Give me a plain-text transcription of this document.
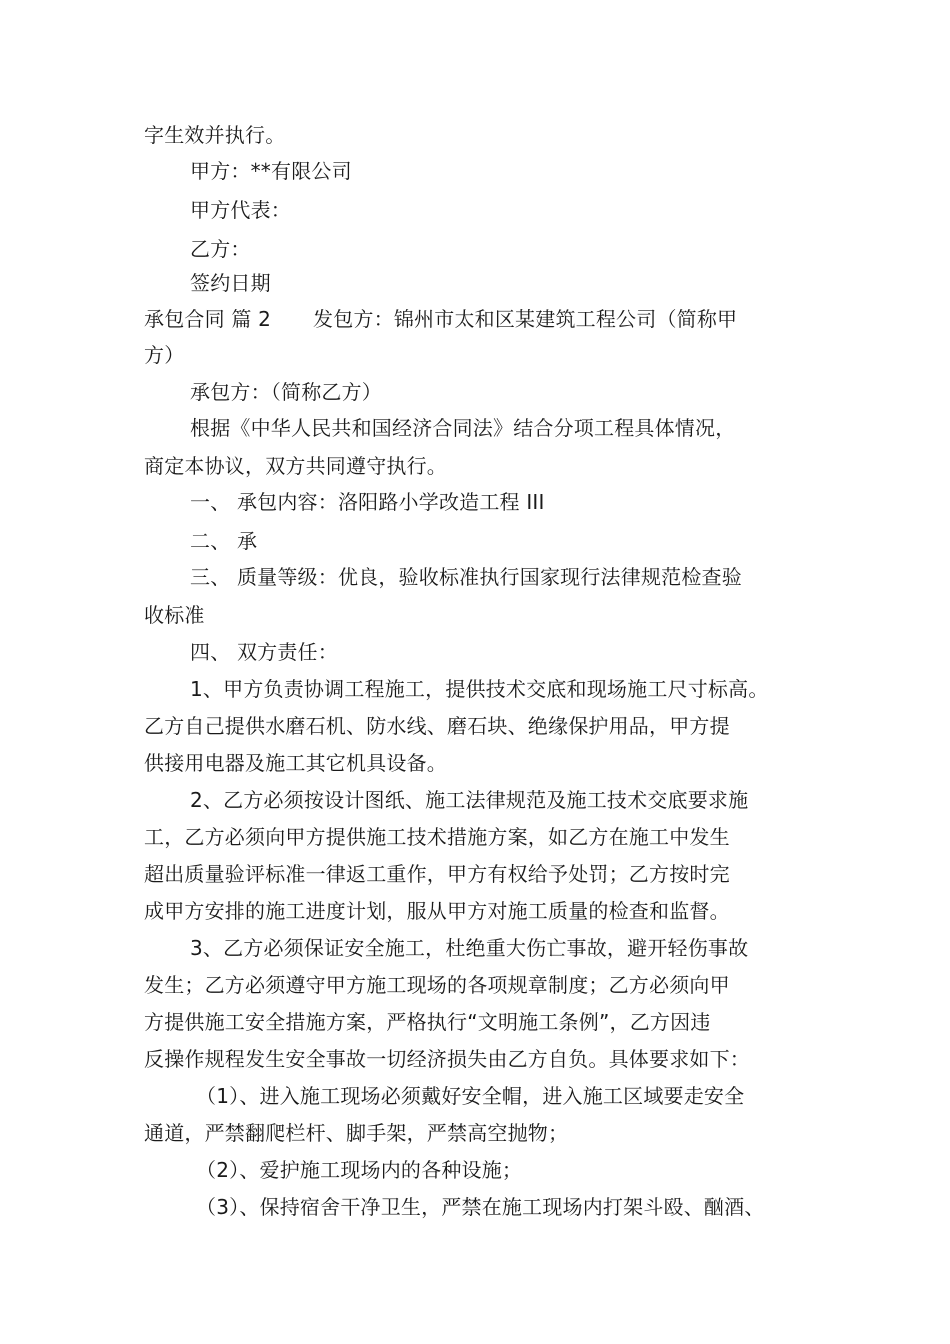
字生效并执行。
甲方：**有限公司
甲方代表：
乙方：
签约日期
承包合同 篇 2 发包方：锦州市太和区某建筑工程公司（简称甲
方）
承包方：（简称乙方）
根据《中华人民共和国经济合同法》结合分项工程具体情况，
商定本协议，双方共同遵守执行。
一、 承包内容：洛阳路小学改造工程 III
二、 承
三、 质量等级：优良，验收标准执行国家现行法律规范检查验
收标准
四、 双方责任：
1、甲方负责协调工程施工，提供技术交底和现场施工尺寸标高。
乙方自己提供水磨石机、防水线、磨石块、绝缘保护用品，甲方提
供接用电器及施工其它机具设备。
2、乙方必须按设计图纸、施工法律规范及施工技术交底要求施
工，乙方必须向甲方提供施工技术措施方案，如乙方在施工中发生
超出质量验评标准一律返工重作，甲方有权给予处罚；乙方按时完
成甲方安排的施工进度计划，服从甲方对施工质量的检查和监督。
3、乙方必须保证安全施工，杜绝重大伤亡事故，避开轻伤事故
发生；乙方必须遵守甲方施工现场的各项规章制度；乙方必须向甲
方提供施工安全措施方案，严格执行“文明施工条例”，乙方因违
反操作规程发生安全事故一切经济损失由乙方自负。具体要求如下：
（1）、进入施工现场必须戴好安全帽，进入施工区域要走安全
通道，严禁翻爬栏杆、脚手架，严禁高空抛物；
（2）、爱护施工现场内的各种设施；
（3）、保持宿舍干净卫生，严禁在施工现场内打架斗殴、酗酒、
